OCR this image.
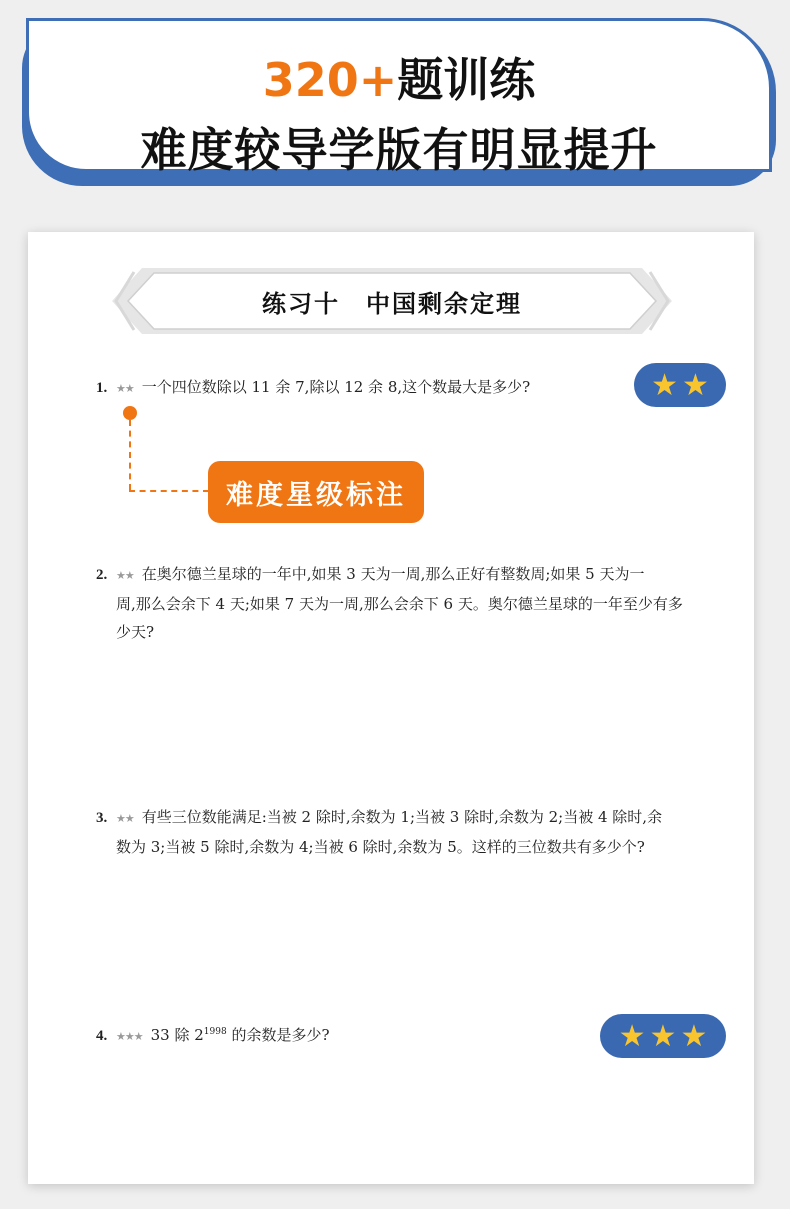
320+题训练
难度较导学版有明显提升
练习十　中国剩余定理
1. ★★ 一个四位数除以 11 余 7,除以 12 余 8,这个数最大是多少?	★ ★
难度星级标注
2. ★★ 在奥尔德兰星球的一年中,如果 3 天为一周,那么正好有整数周;如果 5 天为一
周,那么会余下 4 天;如果 7 天为一周,那么会余下 6 天。奥尔德兰星球的一年至少有多少天?
3. ★★ 有些三位数能满足:当被 2 除时,余数为 1;当被 3 除时,余数为 2;当被 4 除时,余
数为 3;当被 5 除时,余数为 4;当被 6 除时,余数为 5。这样的三位数共有多少个?
4. ★★★ 33 除 $2^{1998}$ 的余数是多少?	★ ★ ★
